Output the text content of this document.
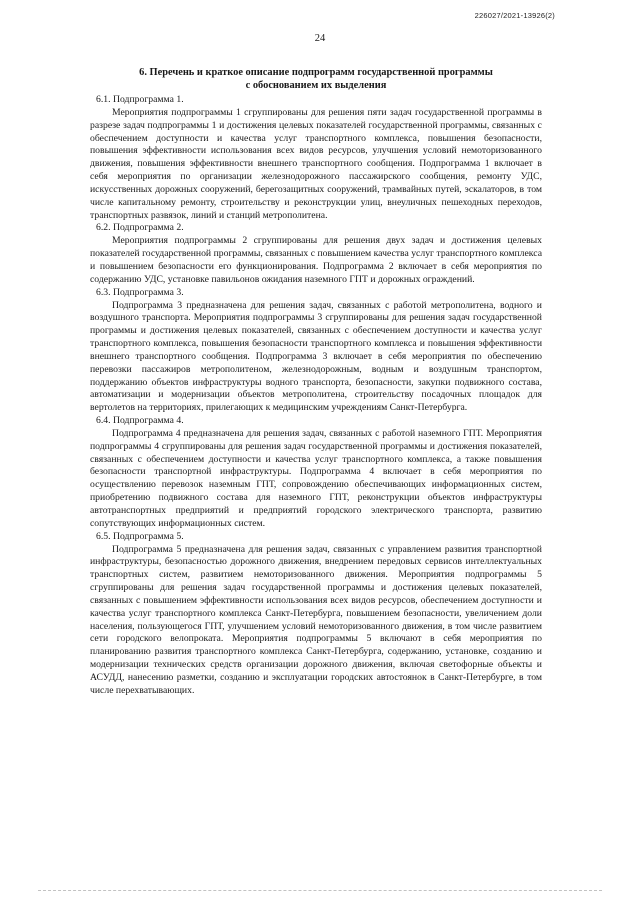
226027/2021-13926(2)
24
6. Перечень и краткое описание подпрограмм государственной программы
с обоснованием их выделения
6.1. Подпрограмма 1.

Мероприятия подпрограммы 1 сгруппированы для решения пяти задач государственной программы в разрезе задач подпрограммы 1 и достижения целевых показателей государственной программы, связанных с обеспечением доступности и качества услуг транспортного комплекса, повышения безопасности, повышения эффективности использования всех видов ресурсов, улучшения условий немоторизованного движения, повышения эффективности внешнего транспортного сообщения. Подпрограмма 1 включает в себя мероприятия по организации железнодорожного пассажирского сообщения, ремонту УДС, искусственных дорожных сооружений, берегозащитных сооружений, трамвайных путей, эскалаторов, в том числе капитальному ремонту, строительству и реконструкции улиц, внеуличных пешеходных переходов, транспортных развязок, линий и станций метрополитена.

6.2. Подпрограмма 2.

Мероприятия подпрограммы 2 сгруппированы для решения двух задач и достижения целевых показателей государственной программы, связанных с повышением качества услуг транспортного комплекса и повышением безопасности его функционирования. Подпрограмма 2 включает в себя мероприятия по содержанию УДС, установке павильонов ожидания наземного ГПТ и дорожных ограждений.

6.3. Подпрограмма 3.

Подпрограмма 3 предназначена для решения задач, связанных с работой метрополитена, водного и воздушного транспорта. Мероприятия подпрограммы 3 сгруппированы для решения задач государственной программы и достижения целевых показателей, связанных с обеспечением доступности и качества услуг транспортного комплекса, повышения безопасности транспортного комплекса и повышения эффективности внешнего транспортного сообщения. Подпрограмма 3 включает в себя мероприятия по обеспечению перевозки пассажиров метрополитеном, железнодорожным, водным и воздушным транспортом, поддержанию объектов инфраструктуры водного транспорта, безопасности, закупки подвижного состава, автоматизации и модернизации объектов метрополитена, строительству посадочных площадок для вертолетов на территориях, прилегающих к медицинским учреждениям Санкт-Петербурга.

6.4. Подпрограмма 4.

Подпрограмма 4 предназначена для решения задач, связанных с работой наземного ГПТ. Мероприятия подпрограммы 4 сгруппированы для решения задач государственной программы и достижения показателей, связанных с обеспечением доступности и качества услуг транспортного комплекса, а также повышения безопасности транспортной инфраструктуры. Подпрограмма 4 включает в себя мероприятия по осуществлению перевозок наземным ГПТ, сопровождению обеспечивающих информационных систем, приобретению подвижного состава для наземного ГПТ, реконструкции объектов инфраструктуры автотранспортных предприятий и предприятий городского электрического транспорта, развитию сопутствующих информационных систем.

6.5. Подпрограмма 5.

Подпрограмма 5 предназначена для решения задач, связанных с управлением развития транспортной инфраструктуры, безопасностью дорожного движения, внедрением передовых сервисов интеллектуальных транспортных систем, развитием немоторизованного движения. Мероприятия подпрограммы 5 сгруппированы для решения задач государственной программы и достижения целевых показателей, связанных с повышением эффективности использования всех видов ресурсов, обеспечением доступности и качества услуг транспортного комплекса Санкт-Петербурга, повышением безопасности, увеличением доли населения, пользующегося ГПТ, улучшением условий немоторизованного движения, в том числе развитием сети городского велопроката. Мероприятия подпрограммы 5 включают в себя мероприятия по планированию развития транспортного комплекса Санкт-Петербурга, содержанию, установке, созданию и модернизации технических средств организации дорожного движения, включая светофорные объекты и АСУДД, нанесению разметки, созданию и эксплуатации городских автостоянок в Санкт-Петербурге, в том числе перехватывающих.
